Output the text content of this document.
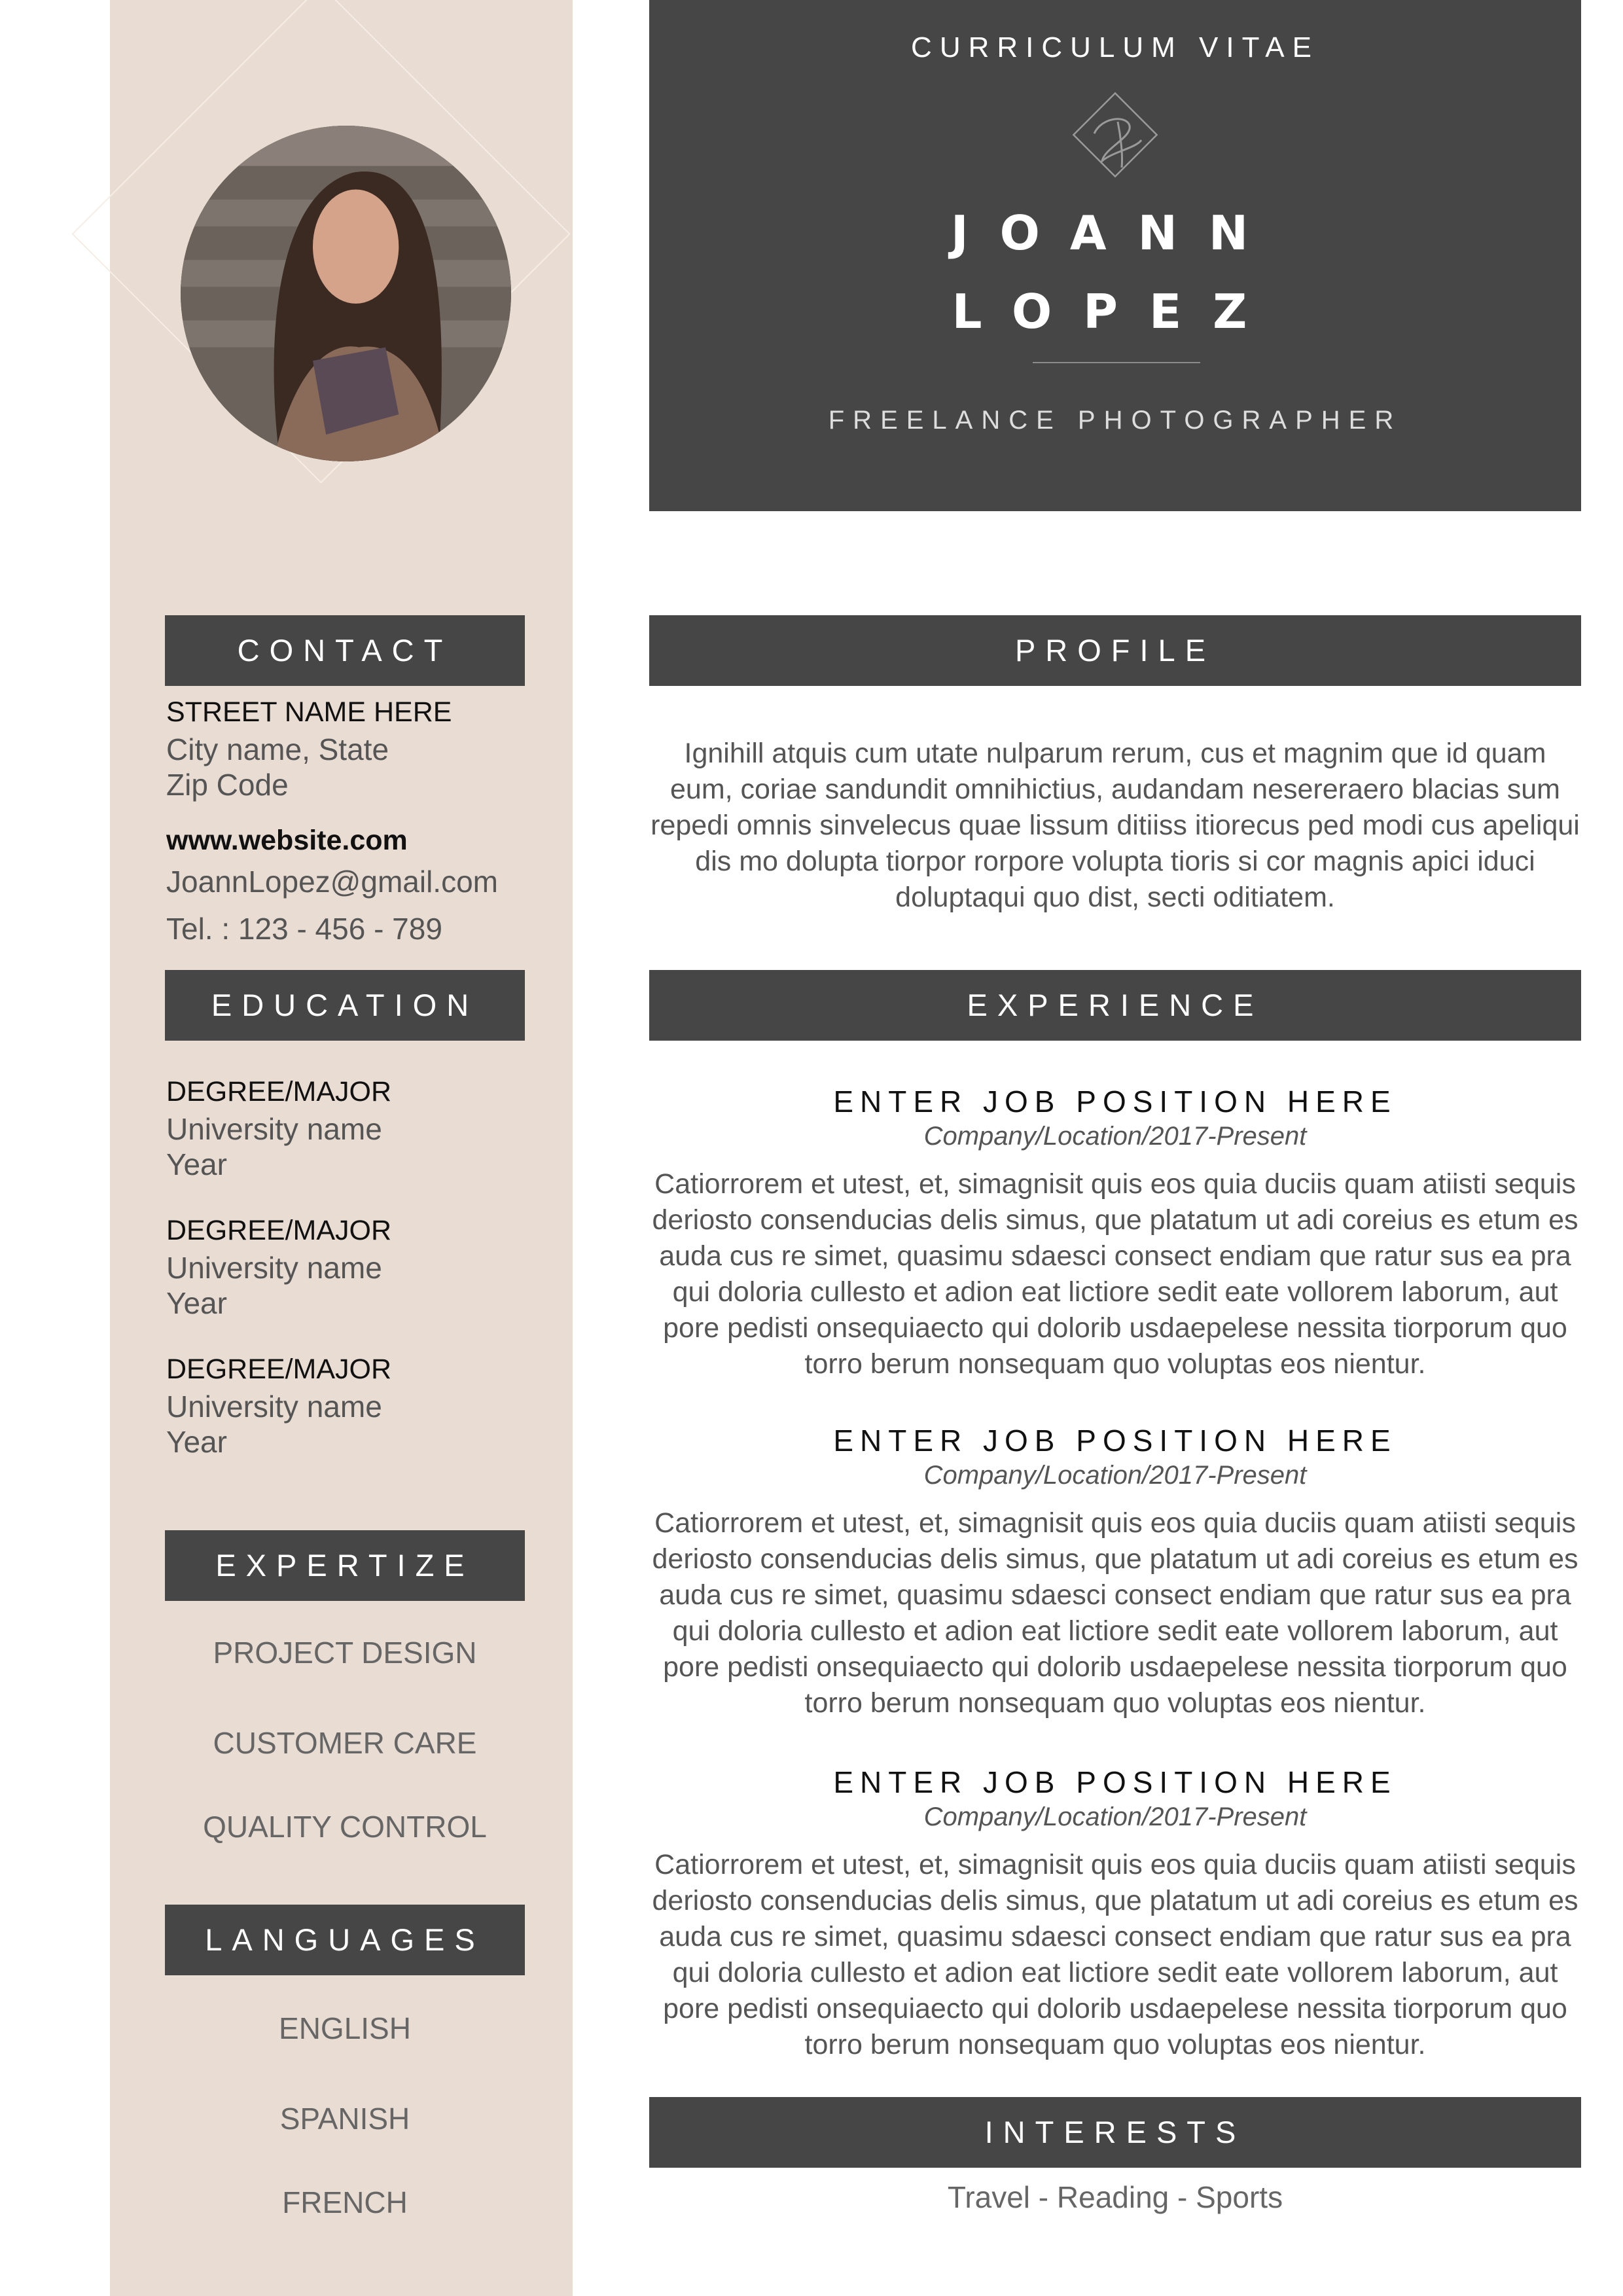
CONTACT
STREET NAME HERE
City name, State
Zip Code
www.website.com
JoannLopez@gmail.com
Tel. : 123 - 456 - 789
EDUCATION
DEGREE/MAJOR
University name
Year
DEGREE/MAJOR
University name
Year
DEGREE/MAJOR
University name
Year
EXPERTIZE
PROJECT DESIGN
CUSTOMER CARE
QUALITY CONTROL
LANGUAGES
ENGLISH
SPANISH
FRENCH
CURRICULUM VITAE
JOANN
LOPEZ
FREELANCE PHOTOGRAPHER
PROFILE
Ignihill atquis cum utate nulparum rerum, cus et magnim que id quam eum, coriae sandundit omnihictius, audandam nesereraero blacias sum repedi omnis sinvelecus quae lissum ditiiss itiorecus ped modi cus apeliqui dis mo dolupta tiorpor rorpore volupta tioris si cor magnis apici iduci doluptaqui quo dist, secti oditiatem.
EXPERIENCE
ENTER JOB POSITION HERE
Company/Location/2017-Present
Catiorrorem et utest, et, simagnisit quis eos quia duciis quam atiisti sequis deriosto consenducias delis simus, que platatum ut adi coreius es etum es auda cus re simet, quasimu sdaesci consect endiam que ratur sus ea pra qui doloria cullesto et adion eat lictiore sedit eate vollorem laborum, aut pore pedisti onsequiaecto qui dolorib usdaepelese nessita tiorporum quo torro berum nonsequam quo voluptas eos nientur.
ENTER JOB POSITION HERE
Company/Location/2017-Present
Catiorrorem et utest, et, simagnisit quis eos quia duciis quam atiisti sequis deriosto consenducias delis simus, que platatum ut adi coreius es etum es auda cus re simet, quasimu sdaesci consect endiam que ratur sus ea pra qui doloria cullesto et adion eat lictiore sedit eate vollorem laborum, aut pore pedisti onsequiaecto qui dolorib usdaepelese nessita tiorporum quo torro berum nonsequam quo voluptas eos nientur.
ENTER JOB POSITION HERE
Company/Location/2017-Present
Catiorrorem et utest, et, simagnisit quis eos quia duciis quam atiisti sequis deriosto consenducias delis simus, que platatum ut adi coreius es etum es auda cus re simet, quasimu sdaesci consect endiam que ratur sus ea pra qui doloria cullesto et adion eat lictiore sedit eate vollorem laborum, aut pore pedisti onsequiaecto qui dolorib usdaepelese nessita tiorporum quo torro berum nonsequam quo voluptas eos nientur.
INTERESTS
Travel - Reading - Sports
